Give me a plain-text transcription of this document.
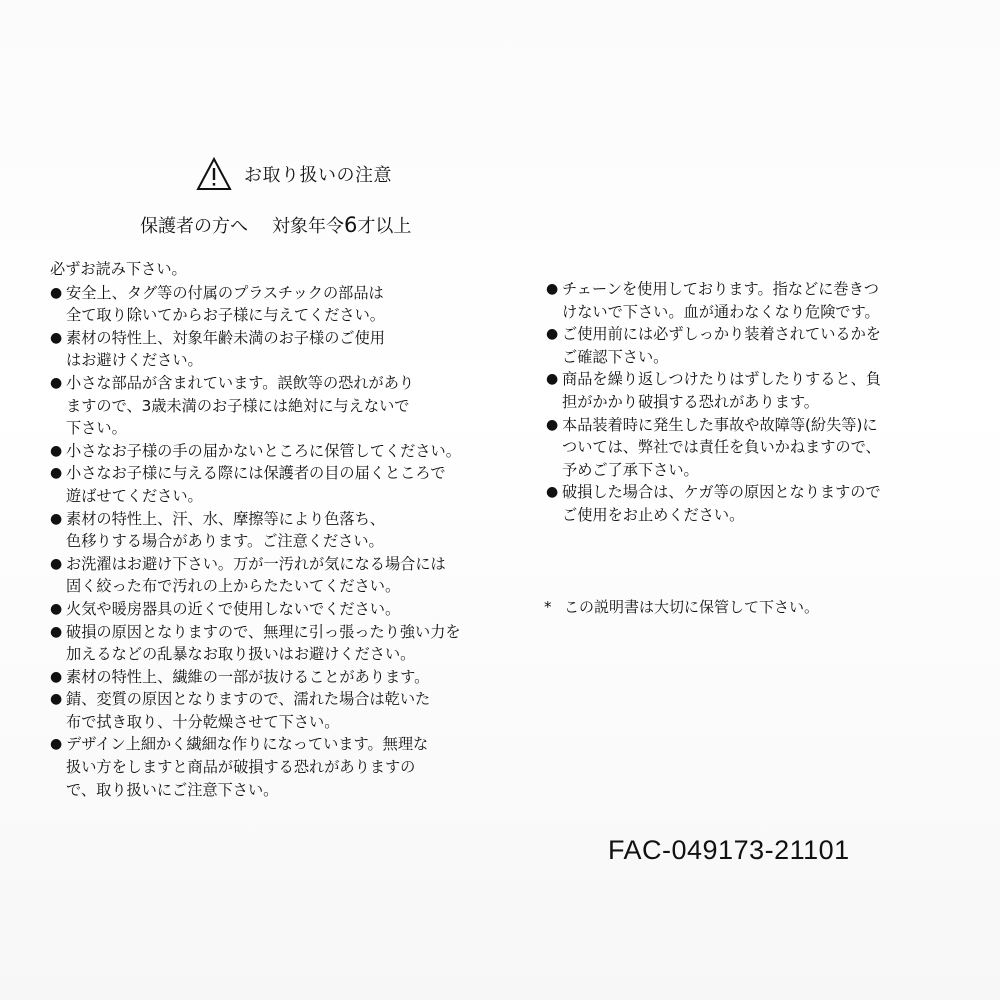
お取り扱いの注意
保護者の方へ 対象年令6才以上
必ずお読み下さい。
● 安全上、タグ等の付属のプラスチックの部品は
全て取り除いてからお子様に与えてください。
● 素材の特性上、対象年齢未満のお子様のご使用
はお避けください。
● 小さな部品が含まれています。誤飲等の恐れがあり
ますので、3歳未満のお子様には絶対に与えないで
下さい。
● 小さなお子様の手の届かないところに保管してください。
● 小さなお子様に与える際には保護者の目の届くところで
遊ばせてください。
● 素材の特性上、汗、水、摩擦等により色落ち、
色移りする場合があります。ご注意ください。
● お洗濯はお避け下さい。万が一汚れが気になる場合には
固く絞った布で汚れの上からたたいてください。
● 火気や暖房器具の近くで使用しないでください。
● 破損の原因となりますので、無理に引っ張ったり強い力を
加えるなどの乱暴なお取り扱いはお避けください。
● 素材の特性上、繊維の一部が抜けることがあります。
● 錆、変質の原因となりますので、濡れた場合は乾いた
布で拭き取り、十分乾燥させて下さい。
● デザイン上細かく繊細な作りになっています。無理な
扱い方をしますと商品が破損する恐れがありますの
で、取り扱いにご注意下さい。
● チェーンを使用しております。指などに巻きつ
けないで下さい。血が通わなくなり危険です。
● ご使用前には必ずしっかり装着されているかを
ご確認下さい。
● 商品を繰り返しつけたりはずしたりすると、負
担がかかり破損する恐れがあります。
● 本品装着時に発生した事故や故障等(紛失等)に
ついては、弊社では責任を負いかねますので、
予めご了承下さい。
● 破損した場合は、ケガ等の原因となりますので
ご使用をお止めください。
* この説明書は大切に保管して下さい。
FAC-049173-21101
